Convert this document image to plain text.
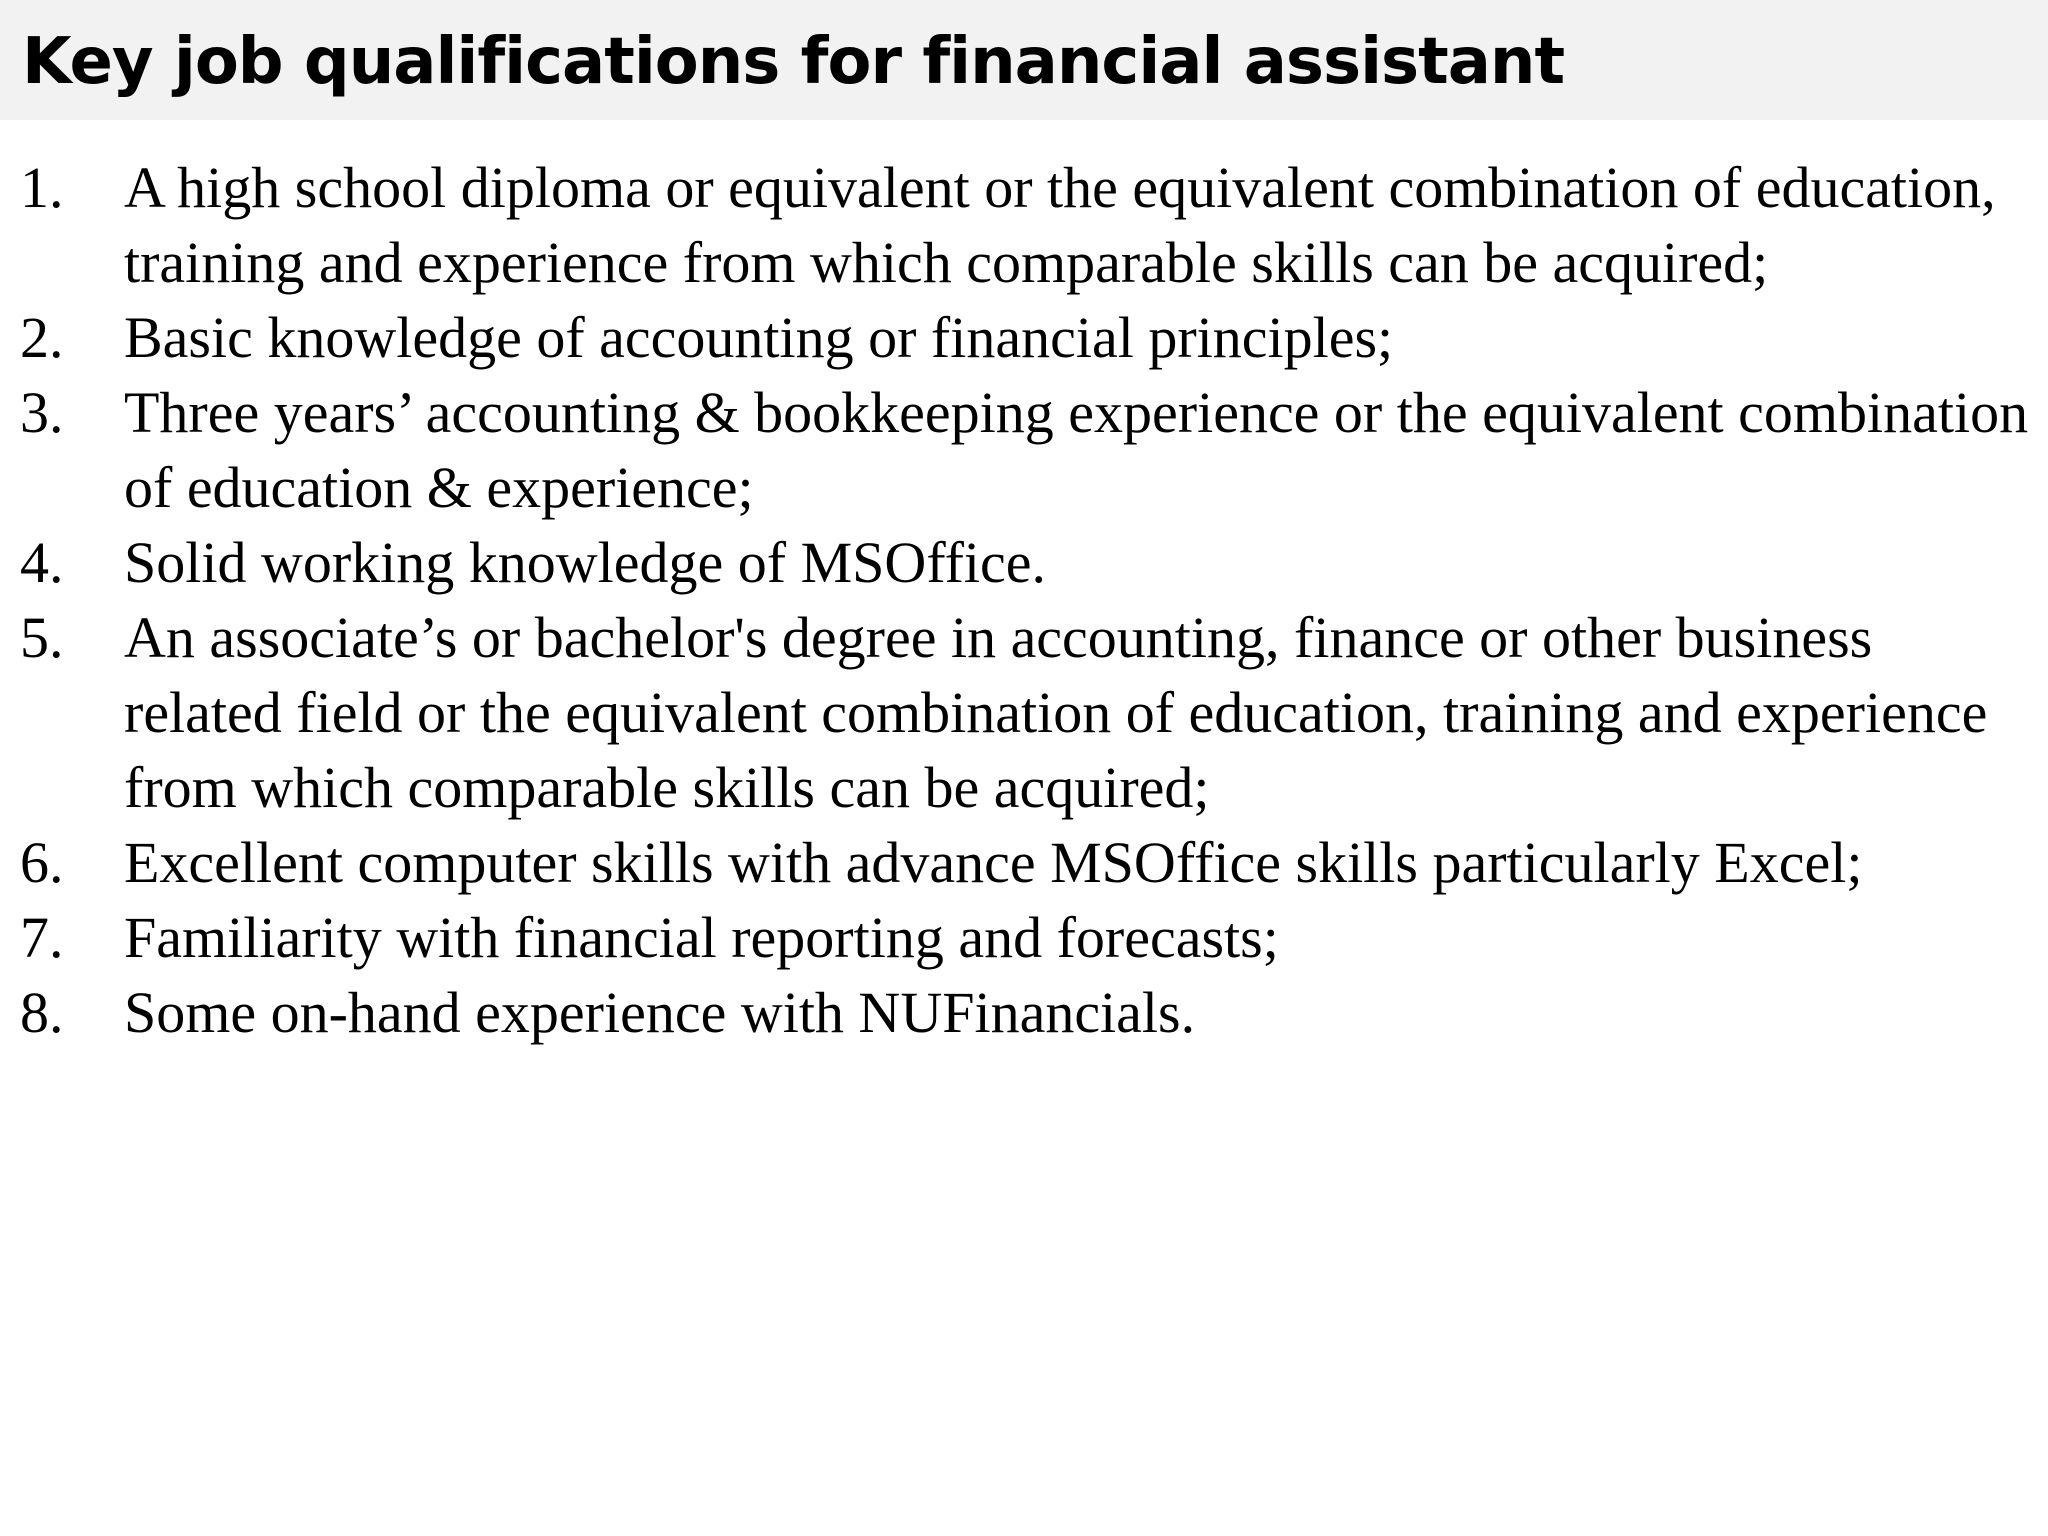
Key job qualifications for financial assistant
1. A high school diploma or equivalent or the equivalent combination of education, training and experience from which comparable skills can be acquired;
2. Basic knowledge of accounting or financial principles;
3. Three years’ accounting & bookkeeping experience or the equivalent combination of education & experience;
4. Solid working knowledge of MSOffice.
5. An associate’s or bachelor's degree in accounting, finance or other business related field or the equivalent combination of education, training and experience from which comparable skills can be acquired;
6. Excellent computer skills with advance MSOffice skills particularly Excel;
7. Familiarity with financial reporting and forecasts;
8. Some on-hand experience with NUFinancials.
